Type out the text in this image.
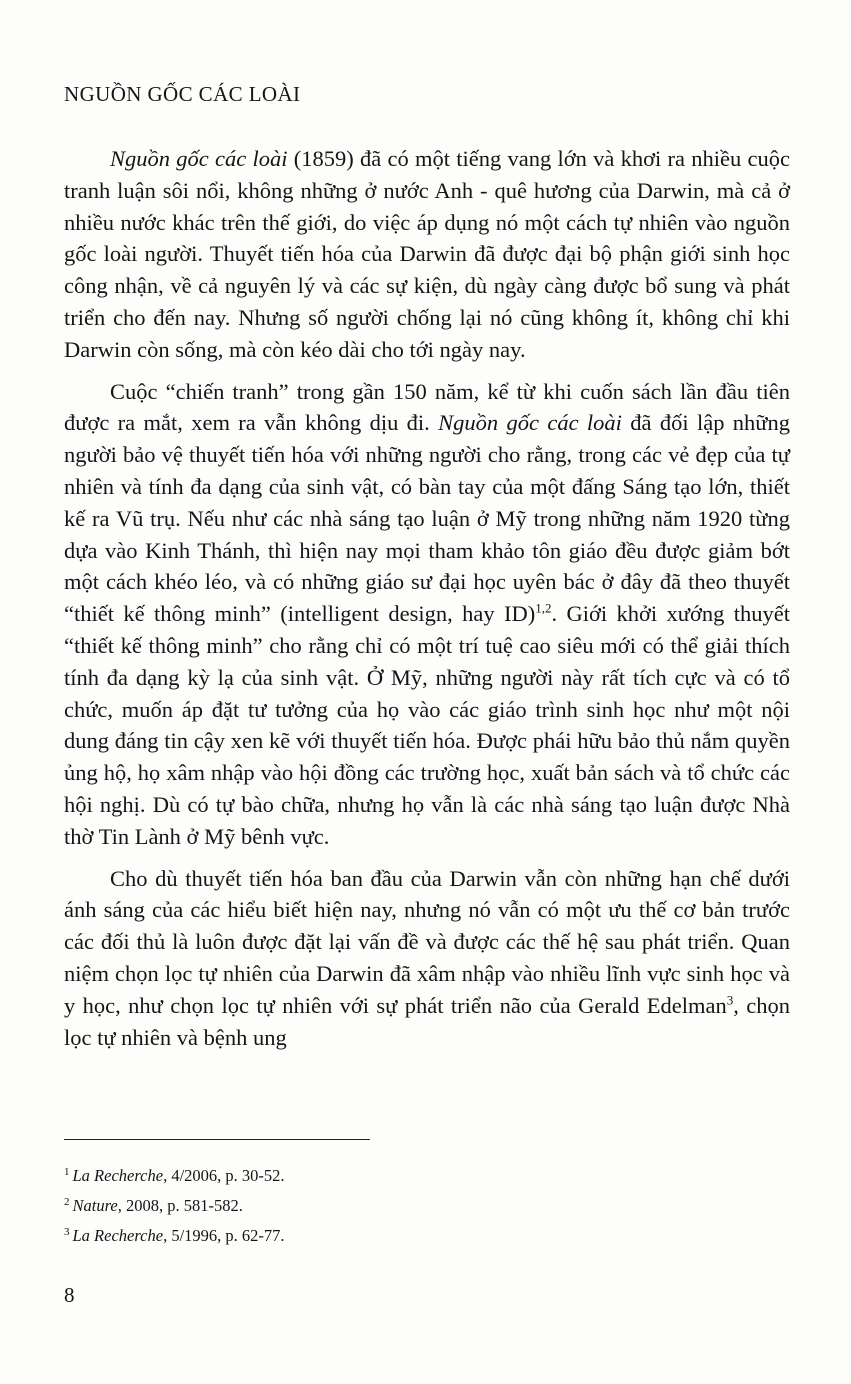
NGUỒN GỐC CÁC LOÀI

Nguồn gốc các loài (1859) đã có một tiếng vang lớn và khơi ra nhiều cuộc tranh luận sôi nổi, không những ở nước Anh - quê hương của Darwin, mà cả ở nhiều nước khác trên thế giới, do việc áp dụng nó một cách tự nhiên vào nguồn gốc loài người. Thuyết tiến hóa của Darwin đã được đại bộ phận giới sinh học công nhận, về cả nguyên lý và các sự kiện, dù ngày càng được bổ sung và phát triển cho đến nay. Nhưng số người chống lại nó cũng không ít, không chỉ khi Darwin còn sống, mà còn kéo dài cho tới ngày nay.

Cuộc “chiến tranh” trong gần 150 năm, kể từ khi cuốn sách lần đầu tiên được ra mắt, xem ra vẫn không dịu đi. Nguồn gốc các loài đã đối lập những người bảo vệ thuyết tiến hóa với những người cho rằng, trong các vẻ đẹp của tự nhiên và tính đa dạng của sinh vật, có bàn tay của một đấng Sáng tạo lớn, thiết kế ra Vũ trụ. Nếu như các nhà sáng tạo luận ở Mỹ trong những năm 1920 từng dựa vào Kinh Thánh, thì hiện nay mọi tham khảo tôn giáo đều được giảm bớt một cách khéo léo, và có những giáo sư đại học uyên bác ở đây đã theo thuyết “thiết kế thông minh” (intelligent design, hay ID)$^{1,2}$. Giới khởi xướng thuyết “thiết kế thông minh” cho rằng chỉ có một trí tuệ cao siêu mới có thể giải thích tính đa dạng kỳ lạ của sinh vật. Ở Mỹ, những người này rất tích cực và có tổ chức, muốn áp đặt tư tưởng của họ vào các giáo trình sinh học như một nội dung đáng tin cậy xen kẽ với thuyết tiến hóa. Được phái hữu bảo thủ nắm quyền ủng hộ, họ xâm nhập vào hội đồng các trường học, xuất bản sách và tổ chức các hội nghị. Dù có tự bào chữa, nhưng họ vẫn là các nhà sáng tạo luận được Nhà thờ Tin Lành ở Mỹ bênh vực.

Cho dù thuyết tiến hóa ban đầu của Darwin vẫn còn những hạn chế dưới ánh sáng của các hiểu biết hiện nay, nhưng nó vẫn có một ưu thế cơ bản trước các đối thủ là luôn được đặt lại vấn đề và được các thế hệ sau phát triển. Quan niệm chọn lọc tự nhiên của Darwin đã xâm nhập vào nhiều lĩnh vực sinh học và y học, như chọn lọc tự nhiên với sự phát triển não của Gerald Edelman$^3$, chọn lọc tự nhiên và bệnh ung

$^1$ La Recherche, 4/2006, p. 30-52.
$^2$ Nature, 2008, p. 581-582.
$^3$ La Recherche, 5/1996, p. 62-77.
8
